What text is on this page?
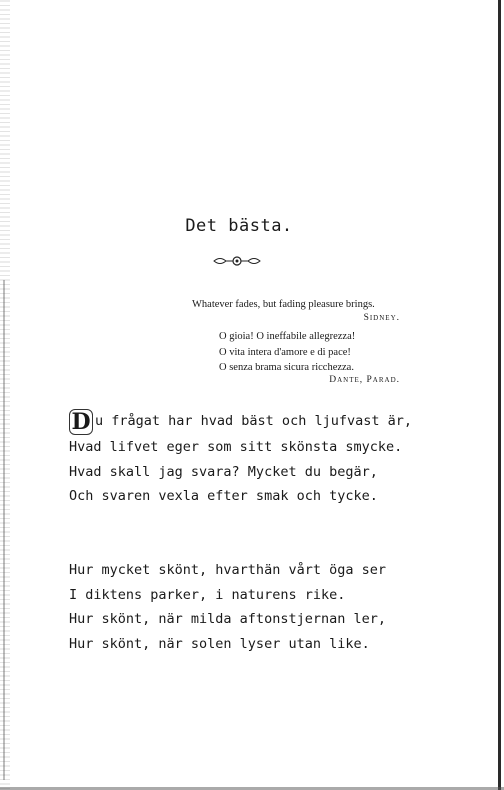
Det bästa.
Whatever fades, but fading pleasure brings.
Sidney.
O gioia! O ineffabile allegrezza!
O vita intera d'amore e di pace!
O senza brama sicura ricchezza.
Dante, Parad.
D u frågat har hvad bäst och ljufvast är,
Hvad lifvet eger som sitt skönsta smycke.
Hvad skall jag svara? Mycket du begär,
Och svaren vexla efter smak och tycke.
Hur mycket skönt, hvarthän vårt öga ser
I diktens parker, i naturens rike.
Hur skönt, när milda aftonstjernan ler,
Hur skönt, när solen lyser utan like.
